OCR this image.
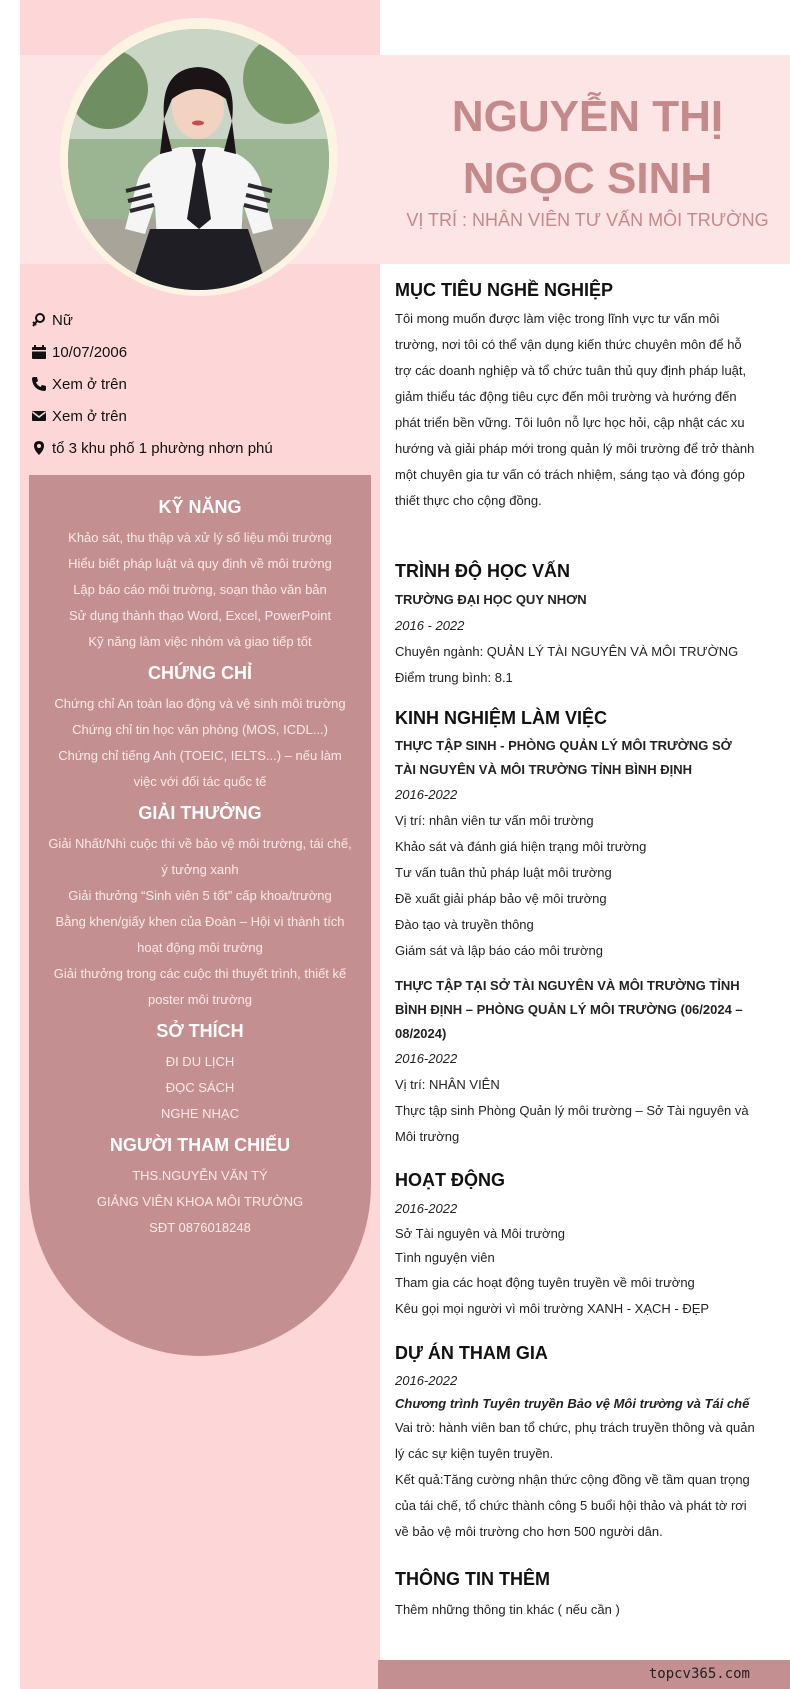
NGUYỄN THỊ
NGỌC SINH
VỊ TRÍ : NHÂN VIÊN TƯ VẤN MÔI TRƯỜNG
Nữ
10/07/2006
Xem ở trên
Xem ở trên
tổ 3 khu phố 1 phường nhơn phú
KỸ NĂNG
Khảo sát, thu thập và xử lý số liệu môi trường
Hiểu biết pháp luật và quy định về môi trường
Lập báo cáo môi trường, soạn thảo văn bản
Sử dụng thành thạo Word, Excel, PowerPoint
Kỹ năng làm việc nhóm và giao tiếp tốt
CHỨNG CHỈ
Chứng chỉ An toàn lao động và vệ sinh môi trường
Chứng chỉ tin học văn phòng (MOS, ICDL...)
Chứng chỉ tiếng Anh (TOEIC, IELTS...) – nếu làm việc với đối tác quốc tế
GIẢI THƯỞNG
Giải Nhất/Nhì cuộc thi về bảo vệ môi trường, tái chế, ý tưởng xanh
Giải thưởng “Sinh viên 5 tốt” cấp khoa/trường
Bằng khen/giấy khen của Đoàn – Hội vì thành tích hoạt động môi trường
Giải thưởng trong các cuộc thi thuyết trình, thiết kế poster môi trường
SỞ THÍCH
ĐI DU LỊCH
ĐỌC SÁCH
NGHE NHẠC
NGƯỜI THAM CHIẾU
THS.NGUYỄN VĂN TÝ
GIẢNG VIÊN KHOA MÔI TRƯỜNG
SĐT 0876018248
MỤC TIÊU NGHỀ NGHIỆP
Tôi mong muốn được làm việc trong lĩnh vực tư vấn môi trường, nơi tôi có thể vận dụng kiến thức chuyên môn để hỗ trợ các doanh nghiệp và tổ chức tuân thủ quy định pháp luật, giảm thiểu tác động tiêu cực đến môi trường và hướng đến phát triển bền vững. Tôi luôn nỗ lực học hỏi, cập nhật các xu hướng và giải pháp mới trong quản lý môi trường để trở thành một chuyên gia tư vấn có trách nhiệm, sáng tạo và đóng góp thiết thực cho cộng đồng.
TRÌNH ĐỘ HỌC VẤN
TRƯỜNG ĐẠI HỌC QUY NHƠN
2016 - 2022
Chuyên ngành: QUẢN LÝ TÀI NGUYÊN VÀ MÔI TRƯỜNG
Điểm trung bình: 8.1
KINH NGHIỆM LÀM VIỆC
THỰC TẬP SINH - PHÒNG QUẢN LÝ MÔI TRƯỜNG SỞ TÀI NGUYÊN VÀ MÔI TRƯỜNG TỈNH BÌNH ĐỊNH
2016-2022
Vị trí: nhân viên tư vấn môi trường
Khảo sát và đánh giá hiện trạng môi trường
Tư vấn tuân thủ pháp luật môi trường
Đề xuất giải pháp bảo vệ môi trường
Đào tạo và truyền thông
Giám sát và lập báo cáo môi trường
THỰC TẬP TẠI SỞ TÀI NGUYÊN VÀ MÔI TRƯỜNG TỈNH BÌNH ĐỊNH – PHÒNG QUẢN LÝ MÔI TRƯỜNG (06/2024 – 08/2024)
2016-2022
Vị trí: NHÂN VIÊN
Thực tập sinh Phòng Quản lý môi trường – Sở Tài nguyên và Môi trường
HOẠT ĐỘNG
2016-2022
Sở Tài nguyên và Môi trường
Tình nguyện viên
Tham gia các hoạt động tuyên truyền về môi trường
Kêu gọi mọi người vì môi trường XANH - XẠCH - ĐẸP
DỰ ÁN THAM GIA
2016-2022
Chương trình Tuyên truyền Bảo vệ Môi trường và Tái chế
Vai trò: hành viên ban tổ chức, phụ trách truyền thông và quản lý các sự kiện tuyên truyền.
Kết quả:Tăng cường nhận thức cộng đồng về tầm quan trọng của tái chế, tổ chức thành công 5 buổi hội thảo và phát tờ rơi về bảo vệ môi trường cho hơn 500 người dân.
THÔNG TIN THÊM
Thêm những thông tin khác ( nếu cần )
topcv365.com
